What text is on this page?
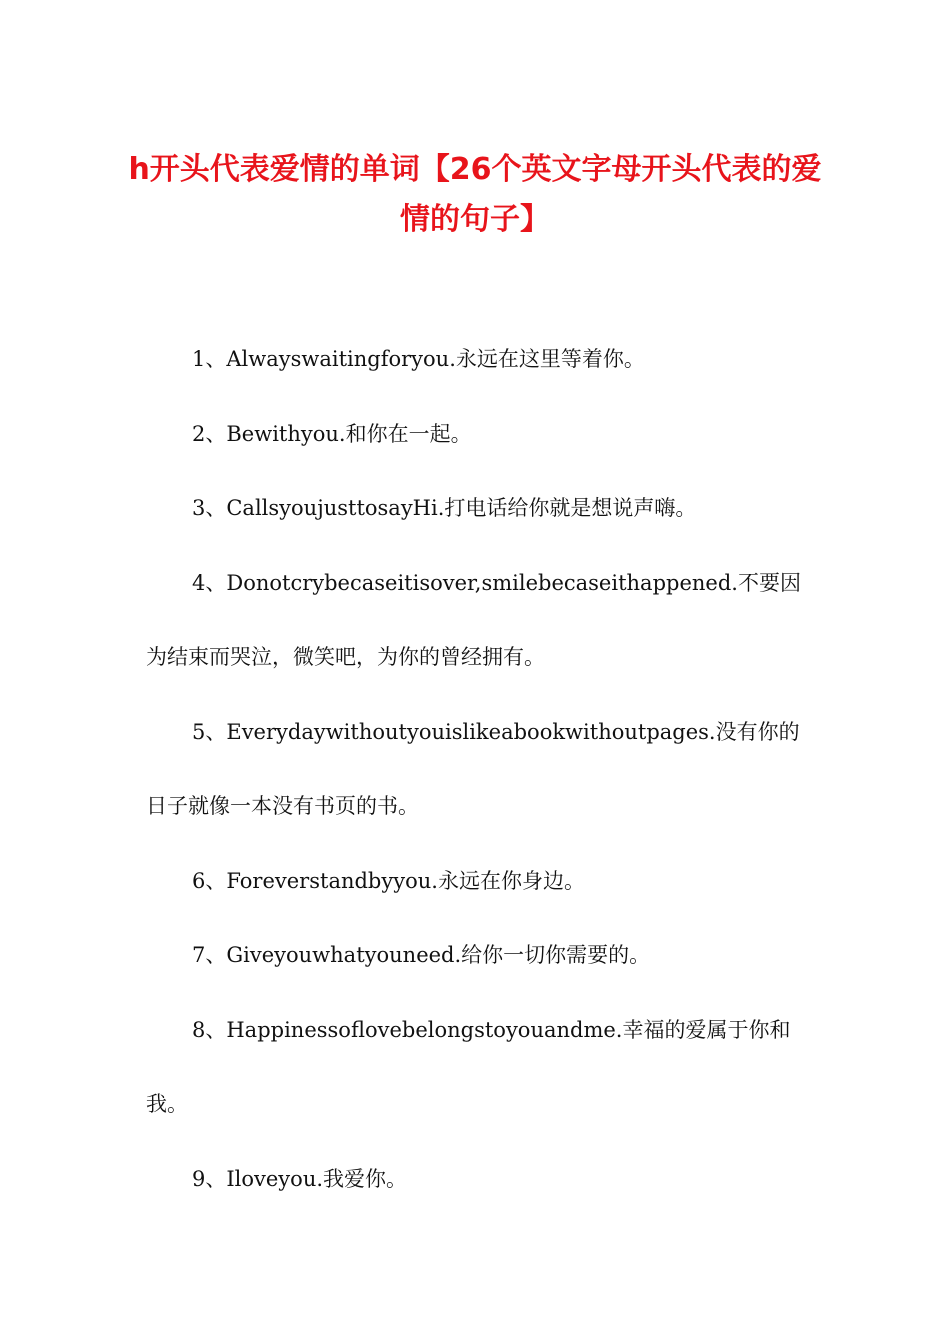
h开头代表爱情的单词【26个英文字母开头代表的爱情的句子】

1、Alwayswaitingforyou.永远在这里等着你。

2、Bewithyou.和你在一起。

3、CallsyoujusttosayHi.打电话给你就是想说声嗨。

4、Donotcrybecaseitisover,smilebecaseithappened.不要因为结束而哭泣，微笑吧，为你的曾经拥有。

5、Everydaywithoutyouislikeabookwithoutpages.没有你的日子就像一本没有书页的书。

6、Foreverstandbyyou.永远在你身边。

7、Giveyouwhatyouneed.给你一切你需要的。

8、Happinessoflovebelongstoyouandme.幸福的爱属于你和我。

9、Iloveyou.我爱你。
